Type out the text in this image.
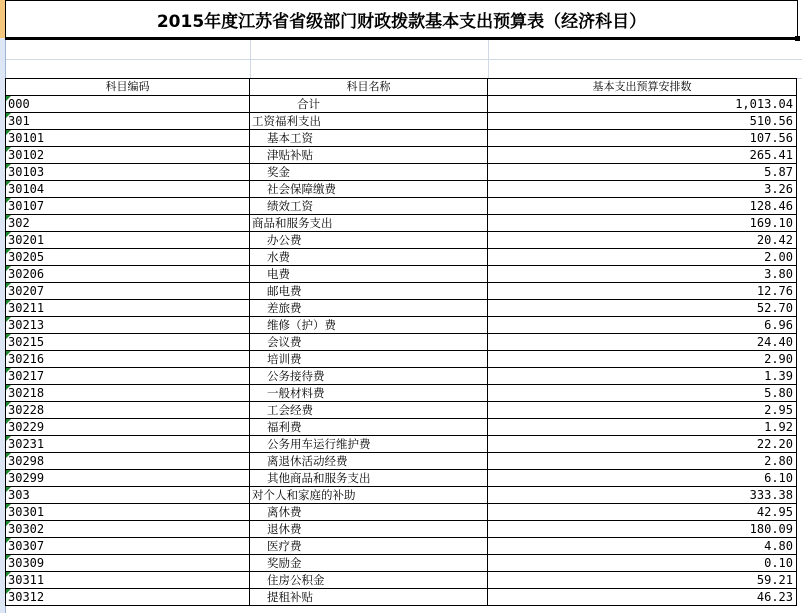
2015年度江苏省省级部门财政拨款基本支出预算表（经济科目）
科目编码	科目名称	基本支出预算安排数
000	合计	1,013.04
301	工资福利支出	510.56
30101	基本工资	107.56
30102	津贴补贴	265.41
30103	奖金	5.87
30104	社会保障缴费	3.26
30107	绩效工资	128.46
302	商品和服务支出	169.10
30201	办公费	20.42
30205	水费	2.00
30206	电费	3.80
30207	邮电费	12.76
30211	差旅费	52.70
30213	维修（护）费	6.96
30215	会议费	24.40
30216	培训费	2.90
30217	公务接待费	1.39
30218	一般材料费	5.80
30228	工会经费	2.95
30229	福利费	1.92
30231	公务用车运行维护费	22.20
30298	离退休活动经费	2.80
30299	其他商品和服务支出	6.10
303	对个人和家庭的补助	333.38
30301	离休费	42.95
30302	退休费	180.09
30307	医疗费	4.80
30309	奖励金	0.10
30311	住房公积金	59.21
30312	提租补贴	46.23
